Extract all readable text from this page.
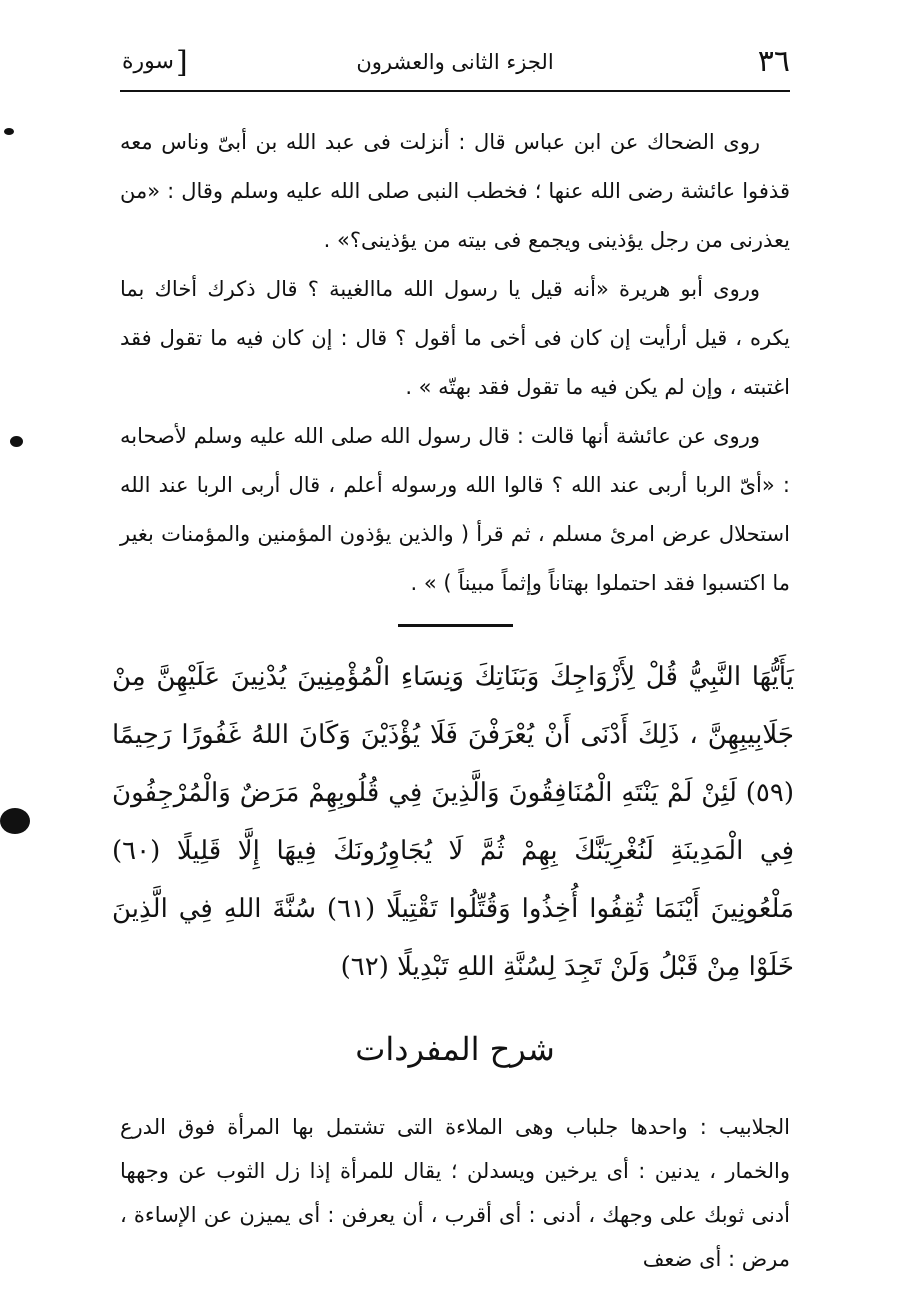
٣٦
الجزء الثانى والعشرون
[سورة

روى الضحاك عن ابن عباس قال : أنزلت فى عبد الله بن أبىّ وناس معه قذفوا عائشة رضى الله عنها ؛ فخطب النبى صلى الله عليه وسلم وقال : «من يعذرنى من رجل يؤذينى ويجمع فى بيته من يؤذينى؟» .

وروى أبو هريرة «أنه قيل يا رسول الله ماالغيبة ؟ قال ذكرك أخاك بما يكره ، قيل أرأيت إن كان فى أخى ما أقول ؟ قال : إن كان فيه ما تقول فقد اغتبته ، وإن لم يكن فيه ما تقول فقد بهتّه » .

وروى عن عائشة أنها قالت : قال رسول الله صلى الله عليه وسلم لأصحابه : «أىّ الربا أربى عند الله ؟ قالوا الله ورسوله أعلم ، قال أربى الربا عند الله استحلال عرض امرئ مسلم ، ثم قرأ ( والذين يؤذون المؤمنين والمؤمنات بغير ما اكتسبوا فقد احتملوا بهتاناً وإثماً مبيناً ) » .

يَأَيُّهَا النَّبِيُّ قُلْ لِأَزْوَاجِكَ وَبَنَاتِكَ وَنِسَاءِ الْمُؤْمِنِينَ يُدْنِينَ عَلَيْهِنَّ مِنْ جَلَابِيبِهِنَّ ، ذَلِكَ أَدْنَى أَنْ يُعْرَفْنَ فَلَا يُؤْذَيْنَ وَكَانَ اللهُ غَفُورًا رَحِيمًا (٥٩) لَئِنْ لَمْ يَنْتَهِ الْمُنَافِقُونَ وَالَّذِينَ فِي قُلُوبِهِمْ مَرَضٌ وَالْمُرْجِفُونَ فِي الْمَدِينَةِ لَنُغْرِيَنَّكَ بِهِمْ ثُمَّ لَا يُجَاوِرُونَكَ فِيهَا إِلَّا قَلِيلًا (٦٠) مَلْعُونِينَ أَيْنَمَا ثُقِفُوا أُخِذُوا وَقُتِّلُوا تَقْتِيلًا (٦١) سُنَّةَ اللهِ فِي الَّذِينَ خَلَوْا مِنْ قَبْلُ وَلَنْ تَجِدَ لِسُنَّةِ اللهِ تَبْدِيلًا (٦٢)

شرح المفردات

الجلابيب : واحدها جلباب وهى الملاءة التى تشتمل بها المرأة فوق الدرع والخمار ، يدنين : أى يرخين ويسدلن ؛ يقال للمرأة إذا زل الثوب عن وجهها أدنى ثوبك على وجهك ، أدنى : أى أقرب ، أن يعرفن : أى يميزن عن الإساءة ، مرض : أى ضعف
